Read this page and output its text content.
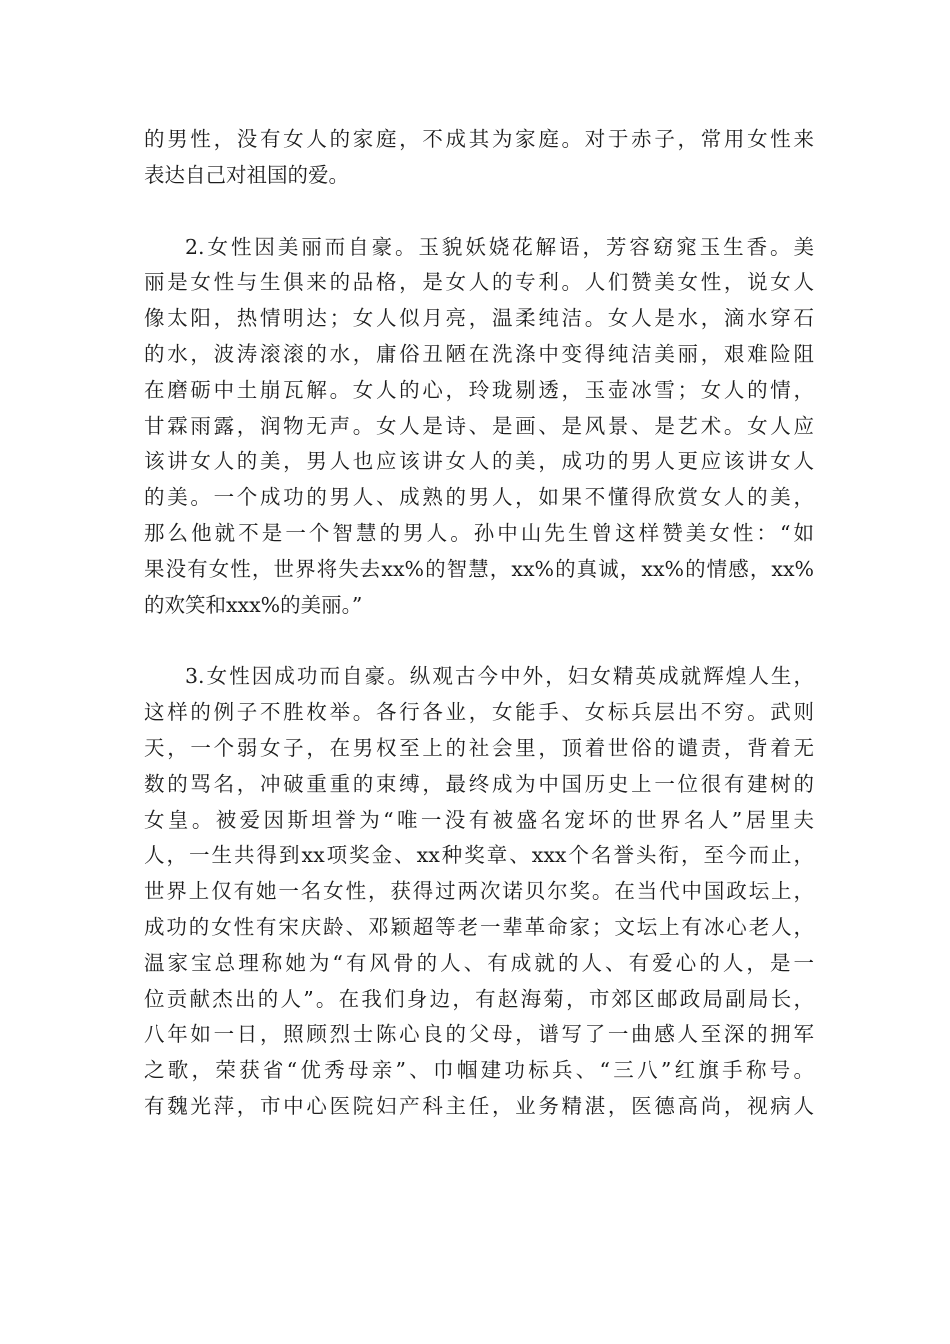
的男性，没有女人的家庭，不成其为家庭。对于赤子，常用女性来
表达自己对祖国的爱。
2.女性因美丽而自豪。玉貌妖娆花解语，芳容窈窕玉生香。美
丽是女性与生俱来的品格，是女人的专利。人们赞美女性，说女人
像太阳，热情明达；女人似月亮，温柔纯洁。女人是水，滴水穿石
的水，波涛滚滚的水，庸俗丑陋在洗涤中变得纯洁美丽，艰难险阻
在磨砺中土崩瓦解。女人的心，玲珑剔透，玉壶冰雪；女人的情，
甘霖雨露，润物无声。女人是诗、是画、是风景、是艺术。女人应
该讲女人的美，男人也应该讲女人的美，成功的男人更应该讲女人
的美。一个成功的男人、成熟的男人，如果不懂得欣赏女人的美，
那么他就不是一个智慧的男人。孙中山先生曾这样赞美女性：“如
果没有女性，世界将失去xx%的智慧，xx%的真诚，xx%的情感，xx%
的欢笑和xxx%的美丽。”
3.女性因成功而自豪。纵观古今中外，妇女精英成就辉煌人生，
这样的例子不胜枚举。各行各业，女能手、女标兵层出不穷。武则
天，一个弱女子，在男权至上的社会里，顶着世俗的谴责，背着无
数的骂名，冲破重重的束缚，最终成为中国历史上一位很有建树的
女皇。被爱因斯坦誉为“唯一没有被盛名宠坏的世界名人”居里夫
人，一生共得到xx项奖金、xx种奖章、xxx个名誉头衔，至今而止，
世界上仅有她一名女性，获得过两次诺贝尔奖。在当代中国政坛上，
成功的女性有宋庆龄、邓颖超等老一辈革命家；文坛上有冰心老人，
温家宝总理称她为“有风骨的人、有成就的人、有爱心的人，是一
位贡献杰出的人”。在我们身边，有赵海菊，市郊区邮政局副局长，
八年如一日，照顾烈士陈心良的父母，谱写了一曲感人至深的拥军
之歌，荣获省“优秀母亲”、巾帼建功标兵、“三八”红旗手称号。
有魏光萍，市中心医院妇产科主任，业务精湛，医德高尚，视病人
